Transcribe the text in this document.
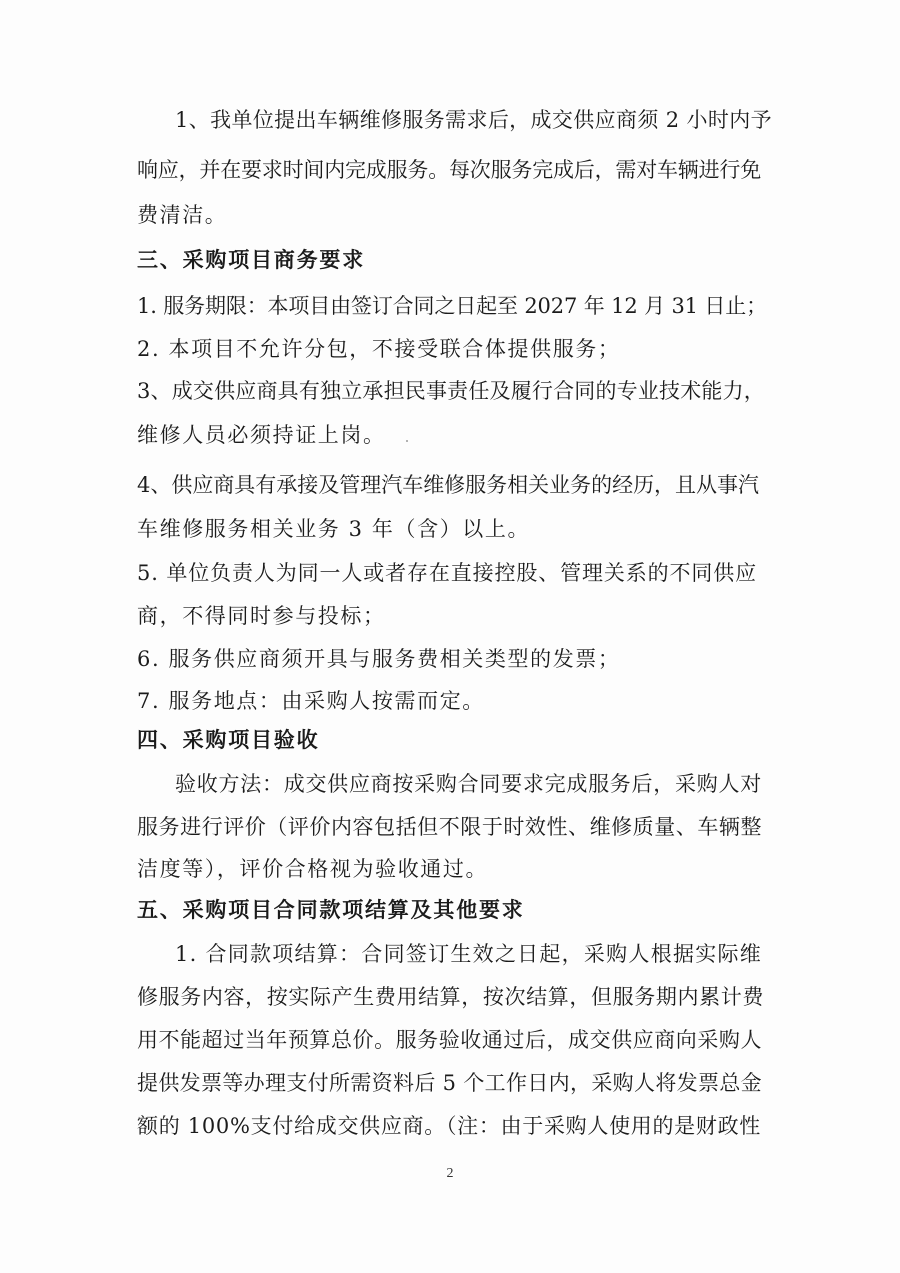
1、我单位提出车辆维修服务需求后，成交供应商须 2 小时内予
响应，并在要求时间内完成服务。每次服务完成后，需对车辆进行免
费清洁。
三、采购项目商务要求
1. 服务期限：本项目由签订合同之日起至 2027 年 12 月 31 日止；
2. 本项目不允许分包，不接受联合体提供服务；
3、成交供应商具有独立承担民事责任及履行合同的专业技术能力，
维修人员必须持证上岗。
4、供应商具有承接及管理汽车维修服务相关业务的经历，且从事汽
车维修服务相关业务 3 年（含）以上。
5. 单位负责人为同一人或者存在直接控股、管理关系的不同供应
商，不得同时参与投标；
6. 服务供应商须开具与服务费相关类型的发票；
7. 服务地点：由采购人按需而定。
四、采购项目验收
验收方法：成交供应商按采购合同要求完成服务后，采购人对
服务进行评价（评价内容包括但不限于时效性、维修质量、车辆整
洁度等），评价合格视为验收通过。
五、采购项目合同款项结算及其他要求
1. 合同款项结算：合同签订生效之日起，采购人根据实际维
修服务内容，按实际产生费用结算，按次结算，但服务期内累计费
用不能超过当年预算总价。服务验收通过后，成交供应商向采购人
提供发票等办理支付所需资料后 5 个工作日内，采购人将发票总金
额的 100%支付给成交供应商。（注：由于采购人使用的是财政性
2
